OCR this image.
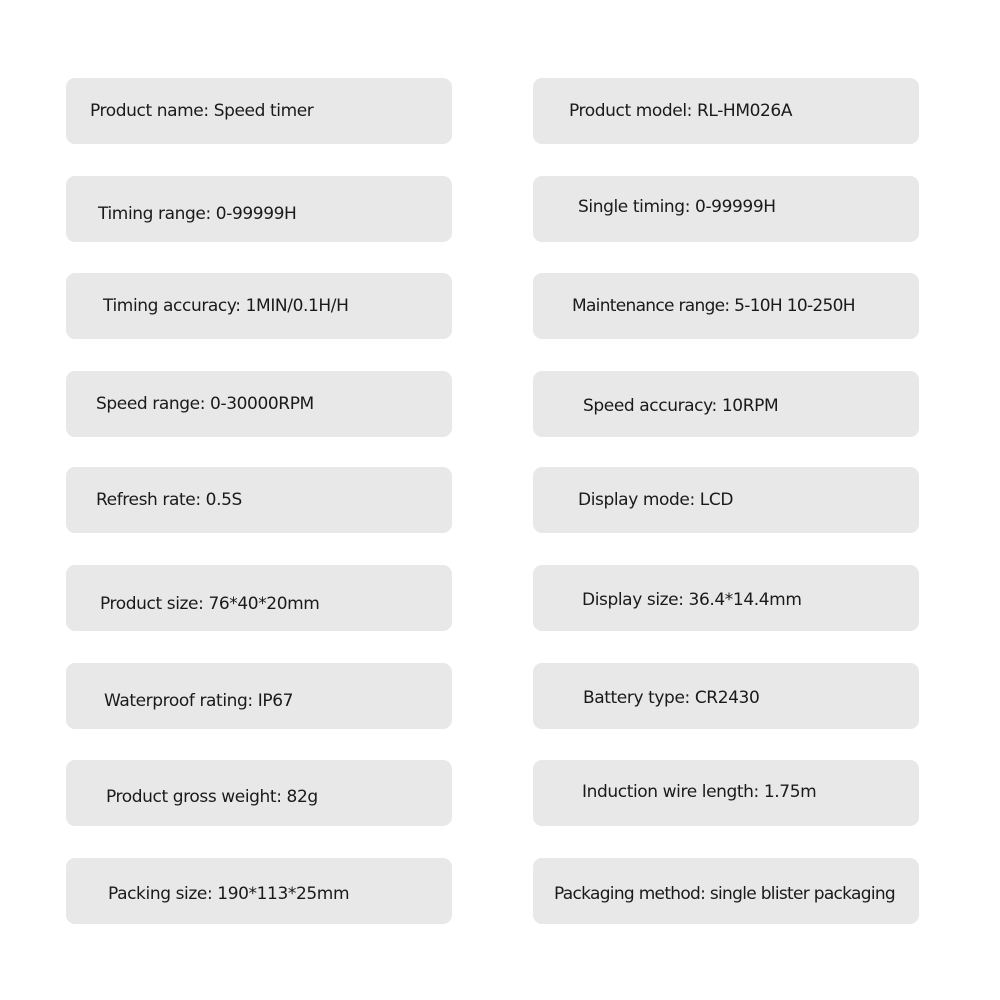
Product name: Speed timer	Product model: RL-HM026A
Timing range: 0-99999H	Single timing: 0-99999H
Timing accuracy: 1MIN/0.1H/H	Maintenance range: 5-10H 10-250H
Speed range: 0-30000RPM	Speed accuracy: 10RPM
Refresh rate: 0.5S	Display mode: LCD
Product size: 76*40*20mm	Display size: 36.4*14.4mm
Waterproof rating: IP67	Battery type: CR2430
Product gross weight: 82g	Induction wire length: 1.75m
Packing size: 190*113*25mm	Packaging method: single blister packaging
